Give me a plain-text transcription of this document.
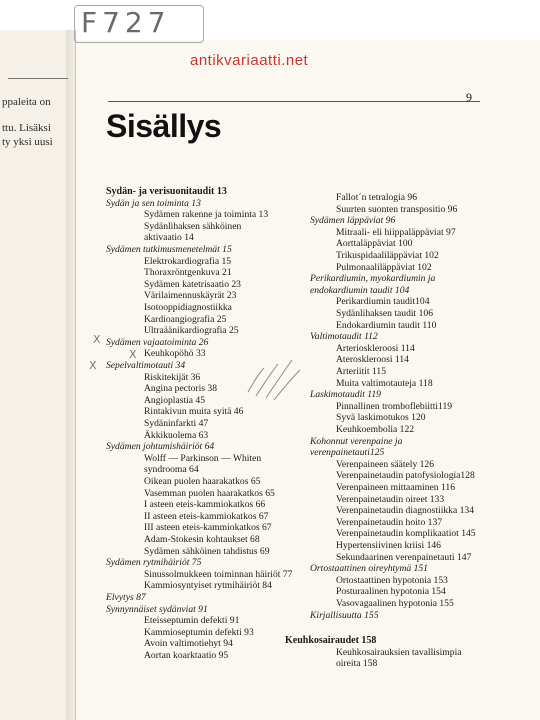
ppaleita on
ttu. Lisäksi
ty yksi uusi
F727
antikvariaatti.net
9
Sisällys
Sydän- ja verisuonitaudit 13
Sydän ja sen toiminta 13
Sydämen rakenne ja toiminta 13
Sydänlihaksen sähköinen
aktivaatio 14
Sydämen tutkimusmenetelmät 15
Elektrokardiografia 15
Thoraxröntgenkuva 21
Sydämen katetrisaatio 23
Värilaimennuskäyrät 23
Isotooppidiagnostiikka
Kardioangiografia 25
Ultraäänikardiografia 25
Sydämen vajaatoiminta 26
Keuhkopöhö 33
Sepelvaltimotauti 34
Riskitekijät 36
Angina pectoris 38
Angioplastia 45
Rintakivun muita syitä 46
Sydäninfarkti 47
Äkkikuolema 63
Sydämen johtumishäiriöt 64
Wolff — Parkinson — Whiten
syndrooma 64
Oikean puolen haarakatkos 65
Vasemman puolen haarakatkos 65
I asteen eteis-kammiokatkos 66
II asteen eteis-kammiokatkos 67
III asteen eteis-kammiokatkos 67
Adam-Stokesin kohtaukset 68
Sydämen sähköinen tahdistus 69
Sydämen rytmihäiriöt 75
Sinussolmukkeen toiminnan häiriöt 77
Kammiosyntyiset rytmihäiriöt 84
Elvytys 87
Synnynnäiset sydänviat 91
Eteisseptumin defekti 91
Kammioseptumin defekti 93
Avoin valtimotiehyt 94
Aortan koarktaatio 95
Fallot´n tetralogia 96
Suurten suonten transpositio 96
Sydämen läppäviat 96
Mitraali- eli hiippaläppäviat 97
Aorttaläppäviat 100
Trikuspidaaliläppäviat 102
Pulmonaaliläppäviat 102
Perikardiumin, myokardiumin ja
endokardiumin taudit 104
Perikardiumin taudit104
Sydänlihaksen taudit 106
Endokardiumin taudit 110
Valtimotaudit 112
Arterioskleroosi 114
Ateroskleroosi 114
Arteriitit 115
Muita valtimotauteja 118
Laskimotaudit 119
Pinnallinen tromboflebiitti119
Syvä laskimotukos 120
Keuhkoembolia 122
Kohonnut verenpaine ja
verenpainetauti125
Verenpaineen säätely 126
Verenpainetaudin patofysiologia128
Verenpaineen mittaaminen 116
Verenpainetaudin oireet 133
Verenpainetaudin diagnostiikka 134
Verenpainetaudin hoito 137
Verenpainetaudin komplikaatiot 145
Hypertensiivinen kriisi 146
Sekundaarinen verenpainetauti 147
Ortostaattinen oireyhtymä 151
Ortostaattinen hypotonia 153
Posturaalinen hypotonia 154
Vasovagaalinen hypotonia 155
Kirjallisuutta 155
Keuhkosairaudet 158
Keuhkosairauksien tavallisimpia
oireita 158
X
X
X
